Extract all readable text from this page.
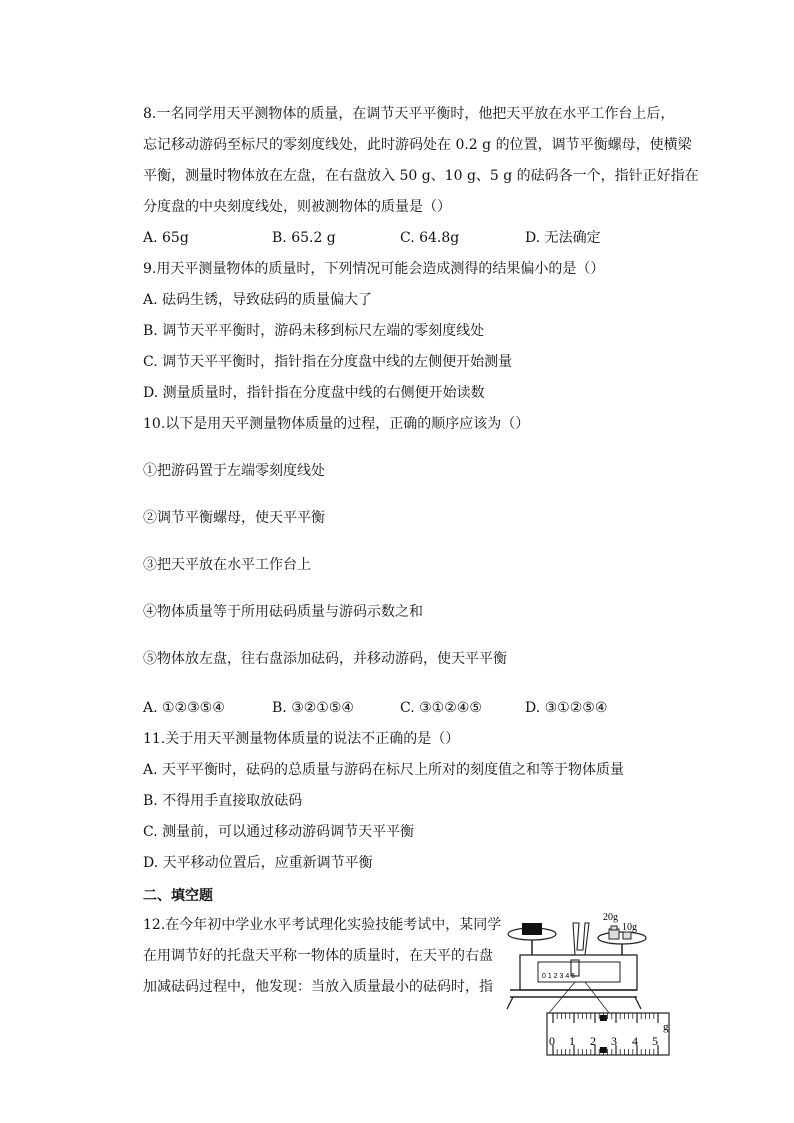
8.一名同学用天平测物体的质量，在调节天平平衡时，他把天平放在水平工作台上后，
忘记移动游码至标尺的零刻度线处，此时游码处在 0.2 g 的位置，调节平衡螺母，使横梁
平衡，测量时物体放在左盘，在右盘放入 50 g、10 g、5 g 的砝码各一个，指针正好指在
分度盘的中央刻度线处，则被测物体的质量是（）
A. 65g	B. 65.2 g	C. 64.8g	D. 无法确定
9.用天平测量物体的质量时，下列情况可能会造成测得的结果偏小的是（）
A. 砝码生锈，导致砝码的质量偏大了
B. 调节天平平衡时，游码未移到标尺左端的零刻度线处
C. 调节天平平衡时，指针指在分度盘中线的左侧便开始测量
D. 测量质量时，指针指在分度盘中线的右侧便开始读数
10.以下是用天平测量物体质量的过程，正确的顺序应该为（）
①把游码置于左端零刻度线处
②调节平衡螺母，使天平平衡
③把天平放在水平工作台上
④物体质量等于所用砝码质量与游码示数之和
⑤物体放左盘，往右盘添加砝码，并移动游码，使天平平衡
A. ①②③⑤④	B. ③②①⑤④	C. ③①②④⑤	D. ③①②⑤④
11.关于用天平测量物体质量的说法不正确的是（）
A. 天平平衡时，砝码的总质量与游码在标尺上所对的刻度值之和等于物体质量
B. 不得用手直接取放砝码
C. 测量前，可以通过移动游码调节天平平衡
D. 天平移动位置后，应重新调节平衡
二、填空题
12.在今年初中学业水平考试理化实验技能考试中，某同学
在用调节好的托盘天平称一物体的质量时，在天平的右盘
加减砝码过程中，他发现：当放入质量最小的砝码时，指
20g
10g
0 1 2 3 4 5
0 1 2 3 4 5
g
